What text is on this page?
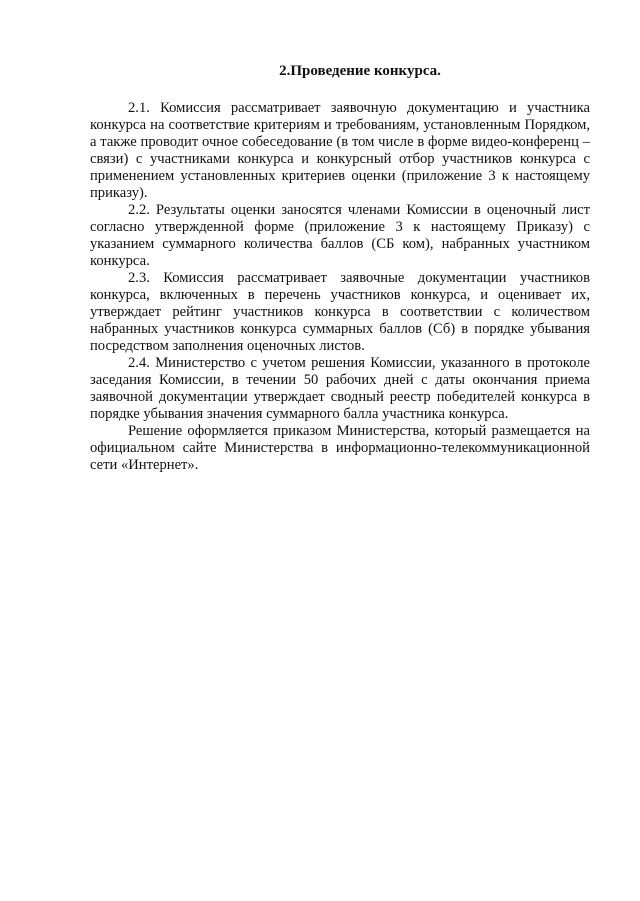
2.Проведение конкурса.

2.1. Комиссия рассматривает заявочную документацию и участника конкурса на соответствие критериям и требованиям, установленным Порядком, а также проводит очное собеседование (в том числе в форме видео-конференц – связи) с участниками конкурса и конкурсный отбор участников конкурса с применением установленных критериев оценки (приложение 3 к настоящему приказу).

2.2. Результаты оценки заносятся членами Комиссии в оценочный лист согласно утвержденной форме (приложение 3 к настоящему Приказу) с указанием суммарного количества баллов (СБ ком), набранных участником конкурса.

2.3. Комиссия рассматривает заявочные документации участников конкурса, включенных в перечень участников конкурса, и оценивает их, утверждает рейтинг участников конкурса в соответствии с количеством набранных участников конкурса суммарных баллов (Сб) в порядке убывания посредством заполнения оценочных листов.

2.4. Министерство с учетом решения Комиссии, указанного в протоколе заседания Комиссии, в течении 50 рабочих дней с даты окончания приема заявочной документации утверждает сводный реестр победителей конкурса в порядке убывания значения суммарного балла участника конкурса.

Решение оформляется приказом Министерства, который размещается на официальном сайте Министерства в информационно-телекоммуникационной сети «Интернет».
